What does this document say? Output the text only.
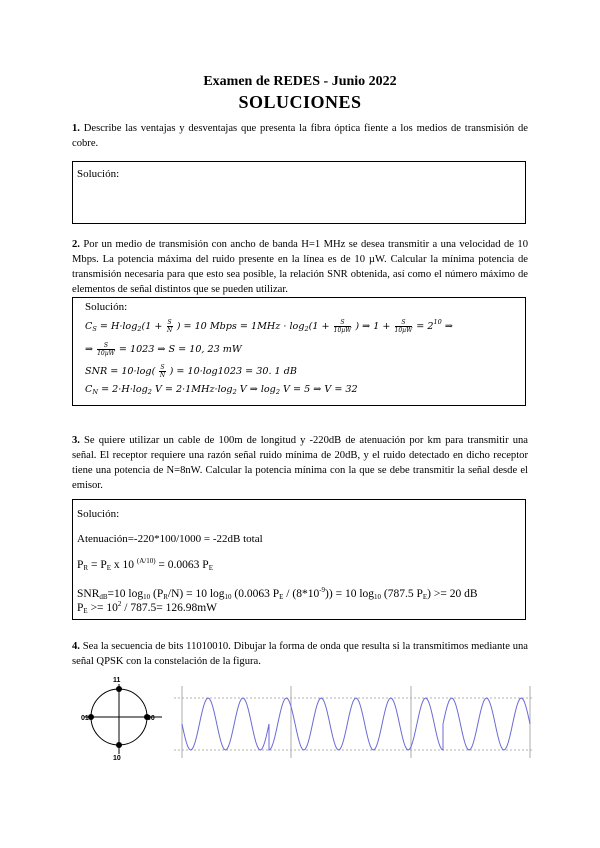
Examen de REDES - Junio 2022
SOLUCIONES
1. Describe las ventajas y desventajas que presenta la fibra óptica fiente a los medios de transmisión de cobre.
Solución:
2. Por un medio de transmisión con ancho de banda H=1 MHz se desea transmitir a una velocidad de 10 Mbps. La potencia máxima del ruido presente en la línea es de 10 µW. Calcular la mínima potencia de transmisión necesaria para que esto sea posible, la relación SNR obtenida, así como el número máximo de elementos de señal distintos que se pueden utilizar.
Solución:
$C_S = H\cdot\log_2(1 + \frac{S}{N}$ ) = 10 Mbps = $1MHz \cdot \log_2(1 + \frac{S}{\text{10µW}}$ ) ⇒ $1 + \frac{S}{\text{10µW}} = 2^{10}$ ⇒
⇒ $\frac{S}{\text{10µW}} = 1023$ ⇒ S = 10, 23 mW
SNR = $10\cdot\log( \frac{S}{N}$ ) = 10·log1023 = 30. 1 dB
$C_N = 2\cdot H\cdot\log_2$ $V = 2\cdot 1MHz\cdot\log_2$ V ⇒ $\log_2 V = 5$ ⇒ V = 32
3. Se quiere utilizar un cable de 100m de longitud y -220dB de atenuación por km para transmitir una señal. El receptor requiere una razón señal ruido mínima de 20dB, y el ruido detectado en dicho receptor tiene una potencia de N=8nW. Calcular la potencia mínima con la que se debe transmitir la señal desde el emisor.
Solución:
Atenuación=-220*100/1000 = -22dB total
PR = PE x 10 $^{(A/10)}$ = 0.0063 PE
SNRdB=10 log10 (PR/N) = 10 log10 (0.0063 PE / $(8*10^{-9})) = 10$ log10 (787.5 PE) >= 20 dB
PE >= $10^2 / 787.5= 126.98mW$
4. Sea la secuencia de bits 11010010. Dibujar la forma de onda que resulta si la transmitimos mediante una señal QPSK con la constelación de la figura.
11
01	00
10
